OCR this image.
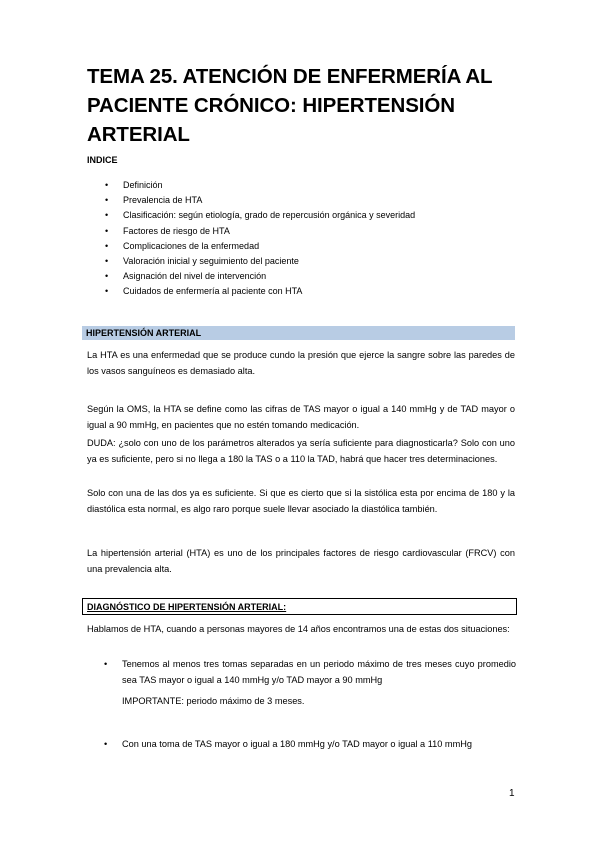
TEMA 25. ATENCIÓN DE ENFERMERÍA AL PACIENTE CRÓNICO: HIPERTENSIÓN ARTERIAL
INDICE
• Definición
• Prevalencia de HTA
• Clasificación: según etiología, grado de repercusión orgánica y severidad
• Factores de riesgo de HTA
• Complicaciones de la enfermedad
• Valoración inicial y seguimiento del paciente
• Asignación del nivel de intervención
• Cuidados de enfermería al paciente con HTA
HIPERTENSIÓN ARTERIAL

La HTA es una enfermedad que se produce cundo la presión que ejerce la sangre sobre las paredes de los vasos sanguíneos es demasiado alta.

Según la OMS, la HTA se define como las cifras de TAS mayor o igual a 140 mmHg y de TAD mayor o igual a 90 mmHg, en pacientes que no estén tomando medicación.

DUDA: ¿solo con uno de los parámetros alterados ya sería suficiente para diagnosticarla? Solo con uno ya es suficiente, pero si no llega a 180 la TAS o a 110 la TAD, habrá que hacer tres determinaciones.

Solo con una de las dos ya es suficiente. Si que es cierto que si la sistólica esta por encima de 180 y la diastólica esta normal, es algo raro porque suele llevar asociado la diastólica también.

La hipertensión arterial (HTA) es uno de los principales factores de riesgo cardiovascular (FRCV) con una prevalencia alta.

DIAGNÓSTICO DE HIPERTENSIÓN ARTERIAL:

Hablamos de HTA, cuando a personas mayores de 14 años encontramos una de estas dos situaciones:

• Tenemos al menos tres tomas separadas en un periodo máximo de tres meses cuyo promedio sea TAS mayor o igual a 140 mmHg y/o TAD mayor a 90 mmHg

IMPORTANTE: periodo máximo de 3 meses.

• Con una toma de TAS mayor o igual a 180 mmHg y/o TAD mayor o igual a 110 mmHg

1
